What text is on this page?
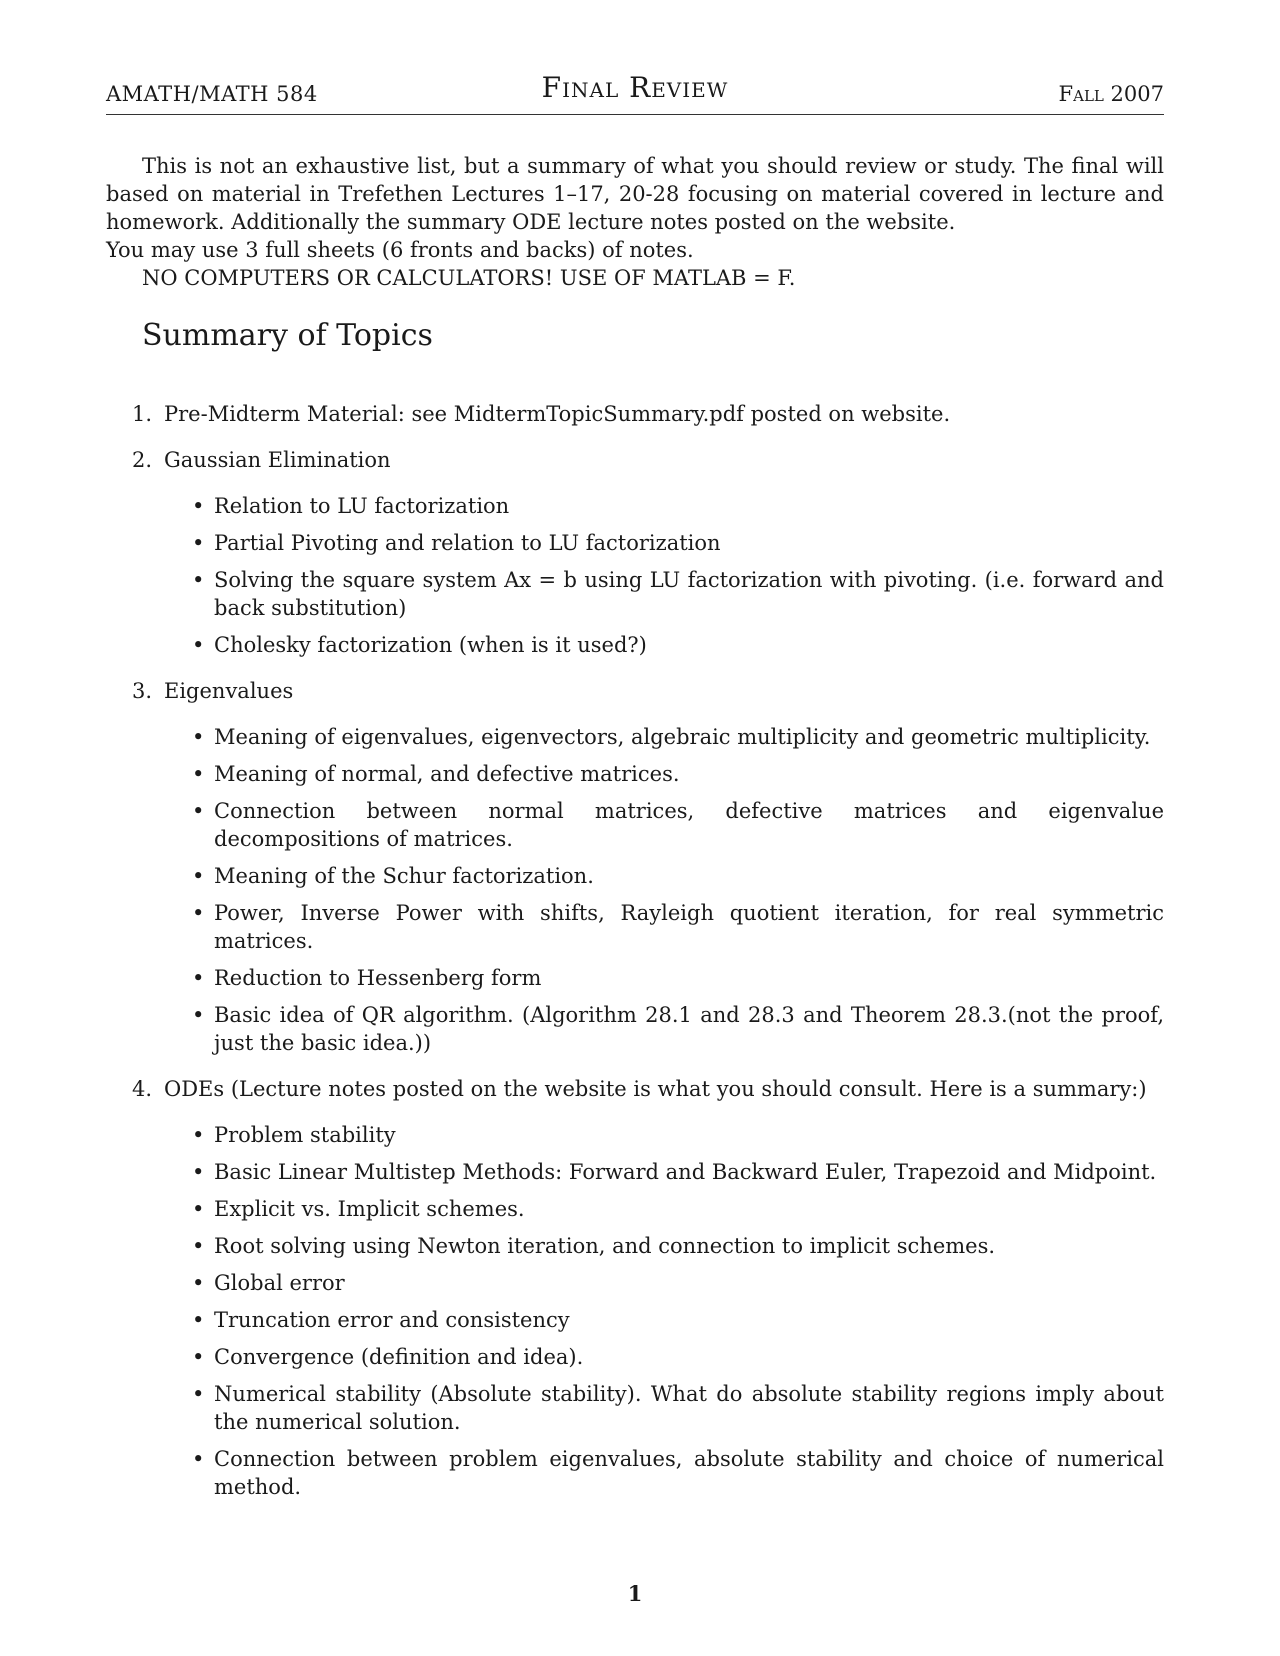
AMATH/MATH 584	Final Review	Fall 2007

This is not an exhaustive list, but a summary of what you should review or study. The final will based on material in Trefethen Lectures 1–17, 20-28 focusing on material covered in lecture and homework. Additionally the summary ODE lecture notes posted on the website.

You may use 3 full sheets (6 fronts and backs) of notes.

NO COMPUTERS OR CALCULATORS! USE OF MATLAB = F.

Summary of Topics
1. Pre-Midterm Material: see MidtermTopicSummary.pdf posted on website.
2. Gaussian Elimination
• Relation to LU factorization
• Partial Pivoting and relation to LU factorization
• Solving the square system Ax = b using LU factorization with pivoting. (i.e. forward and back substitution)
• Cholesky factorization (when is it used?)
3. Eigenvalues
• Meaning of eigenvalues, eigenvectors, algebraic multiplicity and geometric multiplicity.
• Meaning of normal, and defective matrices.
• Connection between normal matrices, defective matrices and eigenvalue decompositions of matrices.
• Meaning of the Schur factorization.
• Power, Inverse Power with shifts, Rayleigh quotient iteration, for real symmetric matrices.
• Reduction to Hessenberg form
• Basic idea of QR algorithm. (Algorithm 28.1 and 28.3 and Theorem 28.3.(not the proof, just the basic idea.))
4. ODEs (Lecture notes posted on the website is what you should consult. Here is a summary:)
• Problem stability
• Basic Linear Multistep Methods: Forward and Backward Euler, Trapezoid and Midpoint.
• Explicit vs. Implicit schemes.
• Root solving using Newton iteration, and connection to implicit schemes.
• Global error
• Truncation error and consistency
• Convergence (definition and idea).
• Numerical stability (Absolute stability). What do absolute stability regions imply about the numerical solution.
• Connection between problem eigenvalues, absolute stability and choice of numerical method.
1
